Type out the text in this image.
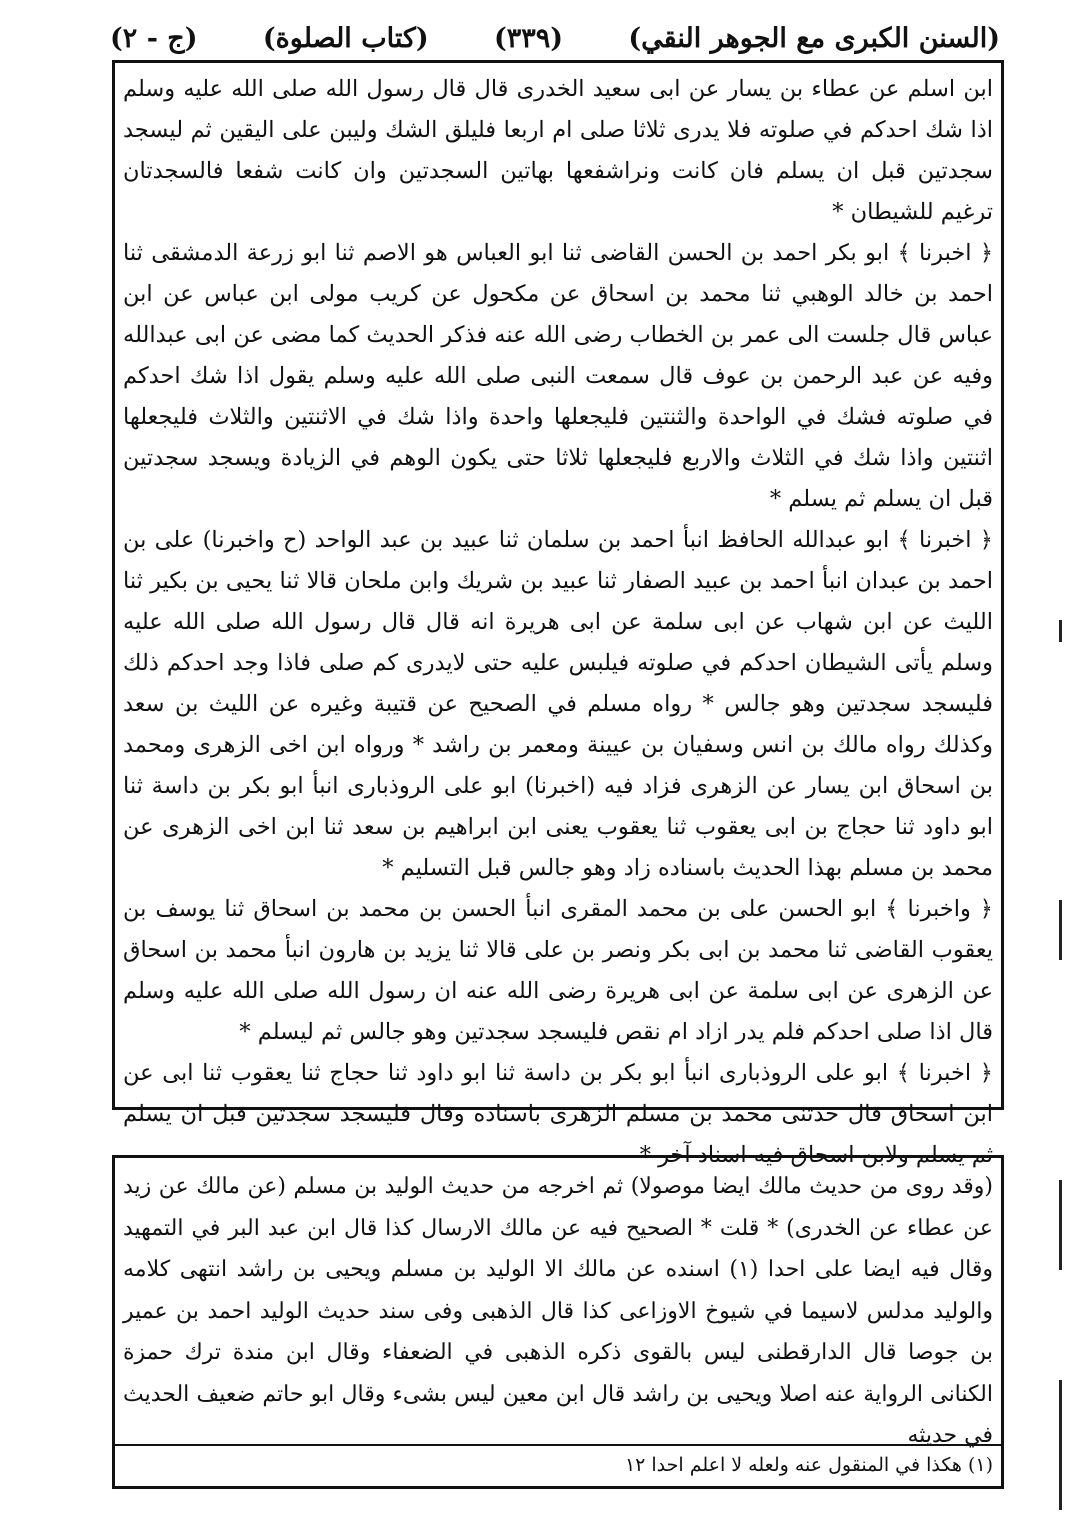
(السنن الكبرى مع الجوهر النقي)
(٣٣٩)
(كتاب الصلوة)
(ج - ٢)

ابن اسلم عن عطاء بن يسار عن ابى سعيد الخدرى قال قال رسول الله صلى الله عليه وسلم اذا شك احدكم في صلوته فلا يدرى ثلاثا صلى ام اربعا فليلق الشك وليبن على اليقين ثم ليسجد سجدتين قبل ان يسلم فان كانت ونراشفعها بهاتين السجدتين وان كانت شفعا فالسجدتان ترغيم للشيطان *

﴿ اخبرنا ﴾ ابو بكر احمد بن الحسن القاضى ثنا ابو العباس هو الاصم ثنا ابو زرعة الدمشقى ثنا احمد بن خالد الوهبي ثنا محمد بن اسحاق عن مكحول عن كريب مولى ابن عباس عن ابن عباس قال جلست الى عمر بن الخطاب رضى الله عنه فذكر الحديث كما مضى عن ابى عبدالله وفيه عن عبد الرحمن بن عوف قال سمعت النبى صلى الله عليه وسلم يقول اذا شك احدكم في صلوته فشك في الواحدة والثنتين فليجعلها واحدة واذا شك في الاثنتين والثلاث فليجعلها اثنتين واذا شك في الثلاث والاربع فليجعلها ثلاثا حتى يكون الوهم في الزيادة ويسجد سجدتين قبل ان يسلم ثم يسلم *

﴿ اخبرنا ﴾ ابو عبدالله الحافظ انبأ احمد بن سلمان ثنا عبيد بن عبد الواحد (ح واخبرنا) على بن احمد بن عبدان انبأ احمد بن عبيد الصفار ثنا عبيد بن شريك وابن ملحان قالا ثنا يحيى بن بكير ثنا الليث عن ابن شهاب عن ابى سلمة عن ابى هريرة انه قال قال رسول الله صلى الله عليه وسلم يأتى الشيطان احدكم في صلوته فيلبس عليه حتى لايدرى كم صلى فاذا وجد احدكم ذلك فليسجد سجدتين وهو جالس * رواه مسلم في الصحيح عن قتيبة وغيره عن الليث بن سعد وكذلك رواه مالك بن انس وسفيان بن عيينة ومعمر بن راشد * ورواه ابن اخى الزهرى ومحمد بن اسحاق ابن يسار عن الزهرى فزاد فيه (اخبرنا) ابو على الروذبارى انبأ ابو بكر بن داسة ثنا ابو داود ثنا حجاج بن ابى يعقوب ثنا يعقوب يعنى ابن ابراهيم بن سعد ثنا ابن اخى الزهرى عن محمد بن مسلم بهذا الحديث باسناده زاد وهو جالس قبل التسليم *

﴿ واخبرنا ﴾ ابو الحسن على بن محمد المقرى انبأ الحسن بن محمد بن اسحاق ثنا يوسف بن يعقوب القاضى ثنا محمد بن ابى بكر ونصر بن على قالا ثنا يزيد بن هارون انبأ محمد بن اسحاق عن الزهرى عن ابى سلمة عن ابى هريرة رضى الله عنه ان رسول الله صلى الله عليه وسلم قال اذا صلى احدكم فلم يدر ازاد ام نقص فليسجد سجدتين وهو جالس ثم ليسلم *

﴿ اخبرنا ﴾ ابو على الروذبارى انبأ ابو بكر بن داسة ثنا ابو داود ثنا حجاج ثنا يعقوب ثنا ابى عن ابن اسحاق قال حدثنى محمد بن مسلم الزهرى باسناده وقال فليسجد سجدتين قبل ان يسلم ثم يسلم ولابن اسحاق فيه اسناد آخر *

(وقد روى من حديث مالك ايضا موصولا) ثم اخرجه من حديث الوليد بن مسلم (عن مالك عن زيد عن عطاء عن الخدرى) * قلت * الصحيح فيه عن مالك الارسال كذا قال ابن عبد البر في التمهيد وقال فيه ايضا على احدا (١) اسنده عن مالك الا الوليد بن مسلم ويحيى بن راشد انتهى كلامه والوليد مدلس لاسيما في شيوخ الاوزاعى كذا قال الذهبى وفى سند حديث الوليد احمد بن عمير بن جوصا قال الدارقطنى ليس بالقوى ذكره الذهبى في الضعفاء وقال ابن مندة ترك حمزة الكنانى الرواية عنه اصلا ويحيى بن راشد قال ابن معين ليس بشىء وقال ابو حاتم ضعيف الحديث في حديثه

(١) هكذا في المنقول عنه ولعله لا اعلم احدا ١٢
